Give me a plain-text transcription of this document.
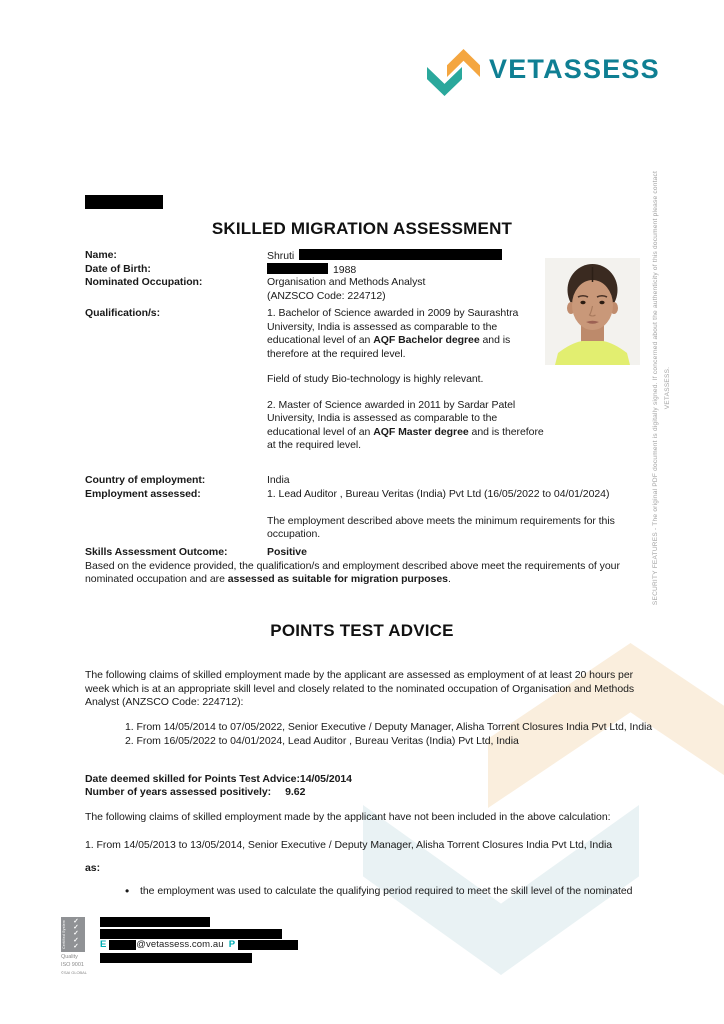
VETASSESS
SECURITY FEATURES - The original PDF document is digitally signed. If concerned about the authenticity of this document please contact VETASSESS.
SKILLED MIGRATION ASSESSMENT
Name:	Shruti
Date of Birth:	1988
Nominated Occupation:	Organisation and Methods Analyst
(ANZSCO Code: 224712)
Qualification/s:	1. Bachelor of Science awarded in 2009 by Saurashtra University, India is assessed as comparable to the educational level of an AQF Bachelor degree and is therefore at the required level.

Field of study Bio-technology is highly relevant.

2. Master of Science awarded in 2011 by Sardar Patel University, India is assessed as comparable to the educational level of an AQF Master degree and is therefore at the required level.

Country of employment:	India
Employment assessed:	1. Lead Auditor , Bureau Veritas (India) Pvt Ltd (16/05/2022 to 04/01/2024)
The employment described above meets the minimum requirements for this occupation.
Skills Assessment Outcome:	Positive
Based on the evidence provided, the qualification/s and employment described above meet the requirements of your nominated occupation and are assessed as suitable for migration purposes.
POINTS TEST ADVICE
The following claims of skilled employment made by the applicant are assessed as employment of at least 20 hours per week which is at an appropriate skill level and closely related to the nominated occupation of Organisation and Methods Analyst (ANZSCO Code: 224712):
1. From 14/05/2014 to 07/05/2022, Senior Executive / Deputy Manager, Alisha Torrent Closures India Pvt Ltd, India
2. From 16/05/2022 to 04/01/2024, Lead Auditor , Bureau Veritas (India) Pvt Ltd, India
Date deemed skilled for Points Test Advice:14/05/2014
Number of years assessed positively: 9.62
The following claims of skilled employment made by the applicant have not been included in the above calculation:
1. From 14/05/2013 to 13/05/2014, Senior Executive / Deputy Manager, Alisha Torrent Closures India Pvt Ltd, India
as:
•
the employment was used to calculate the qualifying period required to meet the skill level of the nominated
Certified System	✓
✓
✓
✓
✓
Quality
ISO 9001
©SAI GLOBAL
E	@vetassess.com.au P
